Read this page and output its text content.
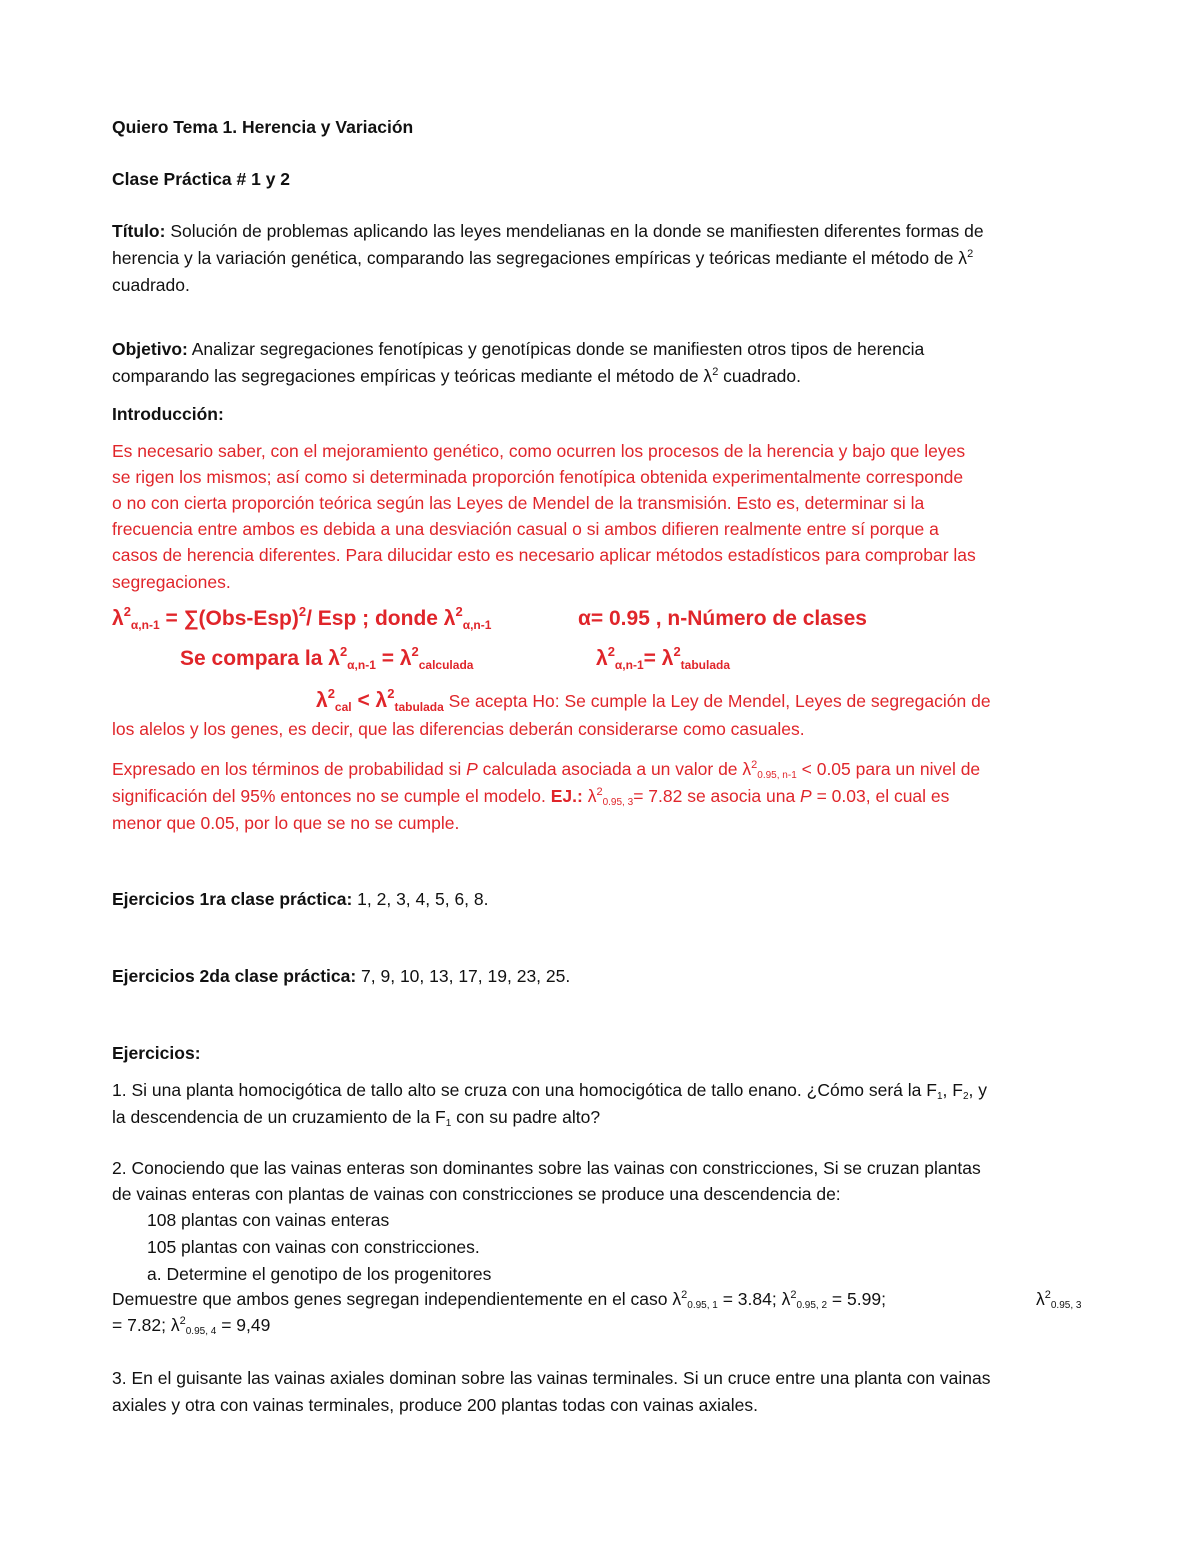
Quiero Tema 1. Herencia y Variación
Clase Práctica # 1 y 2
Título: Solución de problemas aplicando las leyes mendelianas en la donde se manifiesten diferentes formas de
herencia y la variación genética, comparando las segregaciones empíricas y teóricas mediante el método de $\lambda^2$
cuadrado.
Objetivo: Analizar segregaciones fenotípicas y genotípicas donde se manifiesten otros tipos de herencia
comparando las segregaciones empíricas y teóricas mediante el método de $\lambda^2$ cuadrado.
Introducción:
Es necesario saber, con el mejoramiento genético, como ocurren los procesos de la herencia y bajo que leyes
se rigen los mismos; así como si determinada proporción fenotípica obtenida experimentalmente corresponde
o no con cierta proporción teórica según las Leyes de Mendel de la transmisión. Esto es, determinar si la
frecuencia entre ambos es debida a una desviación casual o si ambos difieren realmente entre sí porque a
casos de herencia diferentes. Para dilucidar esto es necesario aplicar métodos estadísticos para comprobar las
segregaciones.
$\lambda^2\alpha,n-1 = \sum(Obs-Esp)^2/$ Esp ; donde $\lambda^2\alpha,n-1$	α= 0.95 , n-Número de clases
Se compara la $\lambda^2\alpha,n-1$ = $\lambda^2calculada$	$\lambda^2\alpha,n-1=$ $\lambda^2tabulada$
$\lambda^2_{cal} < \lambda^2_{tabulada}$ Se acepta Ho: Se cumple la Ley de Mendel, Leyes de segregación de
los alelos y los genes, es decir, que las diferencias deberán considerarse como casuales.
Expresado en los términos de probabilidad si P calculada asociada a un valor de $\lambda^2_{0.95, n-1} < 0.05$ para un nivel de
significación del 95% entonces no se cumple el modelo. EJ.: $\lambda^2_{0.95, 3}= 7.82$ se asocia una P = 0.03, el cual es
menor que 0.05, por lo que se no se cumple.
Ejercicios 1ra clase práctica: 1, 2, 3, 4, 5, 6, 8.
Ejercicios 2da clase práctica: 7, 9, 10, 13, 17, 19, 23, 25.
Ejercicios:
1. Si una planta homocigótica de tallo alto se cruza con una homocigótica de tallo enano. ¿Cómo será la $F_1$, $F_2$, y
la descendencia de un cruzamiento de la $F_1$ con su padre alto?
2. Conociendo que las vainas enteras son dominantes sobre las vainas con constricciones, Si se cruzan plantas
de vainas enteras con plantas de vainas con constricciones se produce una descendencia de:
108 plantas con vainas enteras
105 plantas con vainas con constricciones.
a. Determine el genotipo de los progenitores
Demuestre que ambos genes segregan independientemente en el caso $\lambda^2_{0.95, 1} = 3.84$; $\lambda^2_{0.95, 2} = 5.99$;	$\lambda^2_{0.95, 3}$
= 7.82; $\lambda^2_{0.95, 4} = 9,49$
3. En el guisante las vainas axiales dominan sobre las vainas terminales. Si un cruce entre una planta con vainas
axiales y otra con vainas terminales, produce 200 plantas todas con vainas axiales.
